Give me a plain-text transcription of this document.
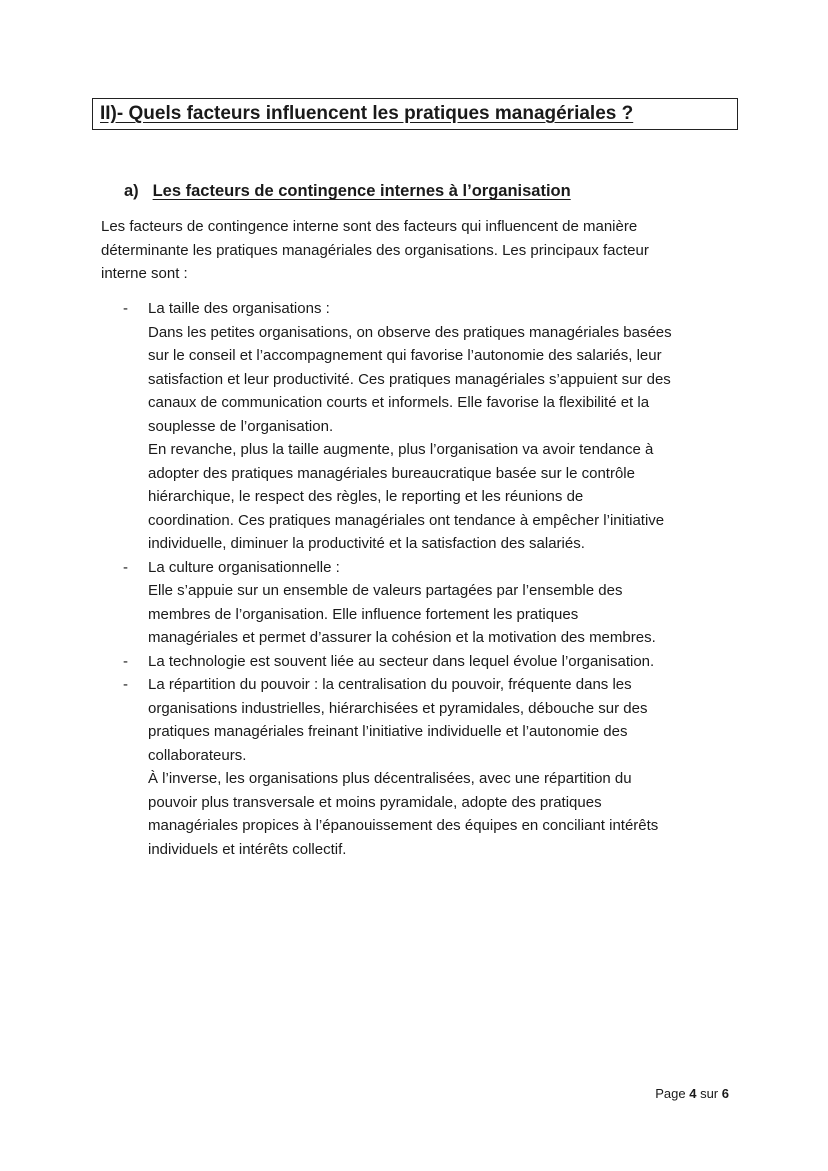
II)- Quels facteurs influencent les pratiques managériales ?
a) Les facteurs de contingence internes à l’organisation

Les facteurs de contingence interne sont des facteurs qui influencent de manière

déterminante les pratiques managériales des organisations. Les principaux facteur

interne sont :

- La taille des organisations :
Dans les petites organisations, on observe des pratiques managériales basées
sur le conseil et l’accompagnement qui favorise l’autonomie des salariés, leur
satisfaction et leur productivité. Ces pratiques managériales s’appuient sur des
canaux de communication courts et informels. Elle favorise la flexibilité et la
souplesse de l’organisation.
En revanche, plus la taille augmente, plus l’organisation va avoir tendance à
adopter des pratiques managériales bureaucratique basée sur le contrôle
hiérarchique, le respect des règles, le reporting et les réunions de
coordination. Ces pratiques managériales ont tendance à empêcher l’initiative
individuelle, diminuer la productivité et la satisfaction des salariés.
- La culture organisationnelle :
Elle s’appuie sur un ensemble de valeurs partagées par l’ensemble des
membres de l’organisation. Elle influence fortement les pratiques
managériales et permet d’assurer la cohésion et la motivation des membres.
- La technologie est souvent liée au secteur dans lequel évolue l’organisation.
- La répartition du pouvoir : la centralisation du pouvoir, fréquente dans les
organisations industrielles, hiérarchisées et pyramidales, débouche sur des
pratiques managériales freinant l’initiative individuelle et l’autonomie des
collaborateurs.
À l’inverse, les organisations plus décentralisées, avec une répartition du
pouvoir plus transversale et moins pyramidale, adopte des pratiques
managériales propices à l’épanouissement des équipes en conciliant intérêts
individuels et intérêts collectif.
Page 4 sur 6
